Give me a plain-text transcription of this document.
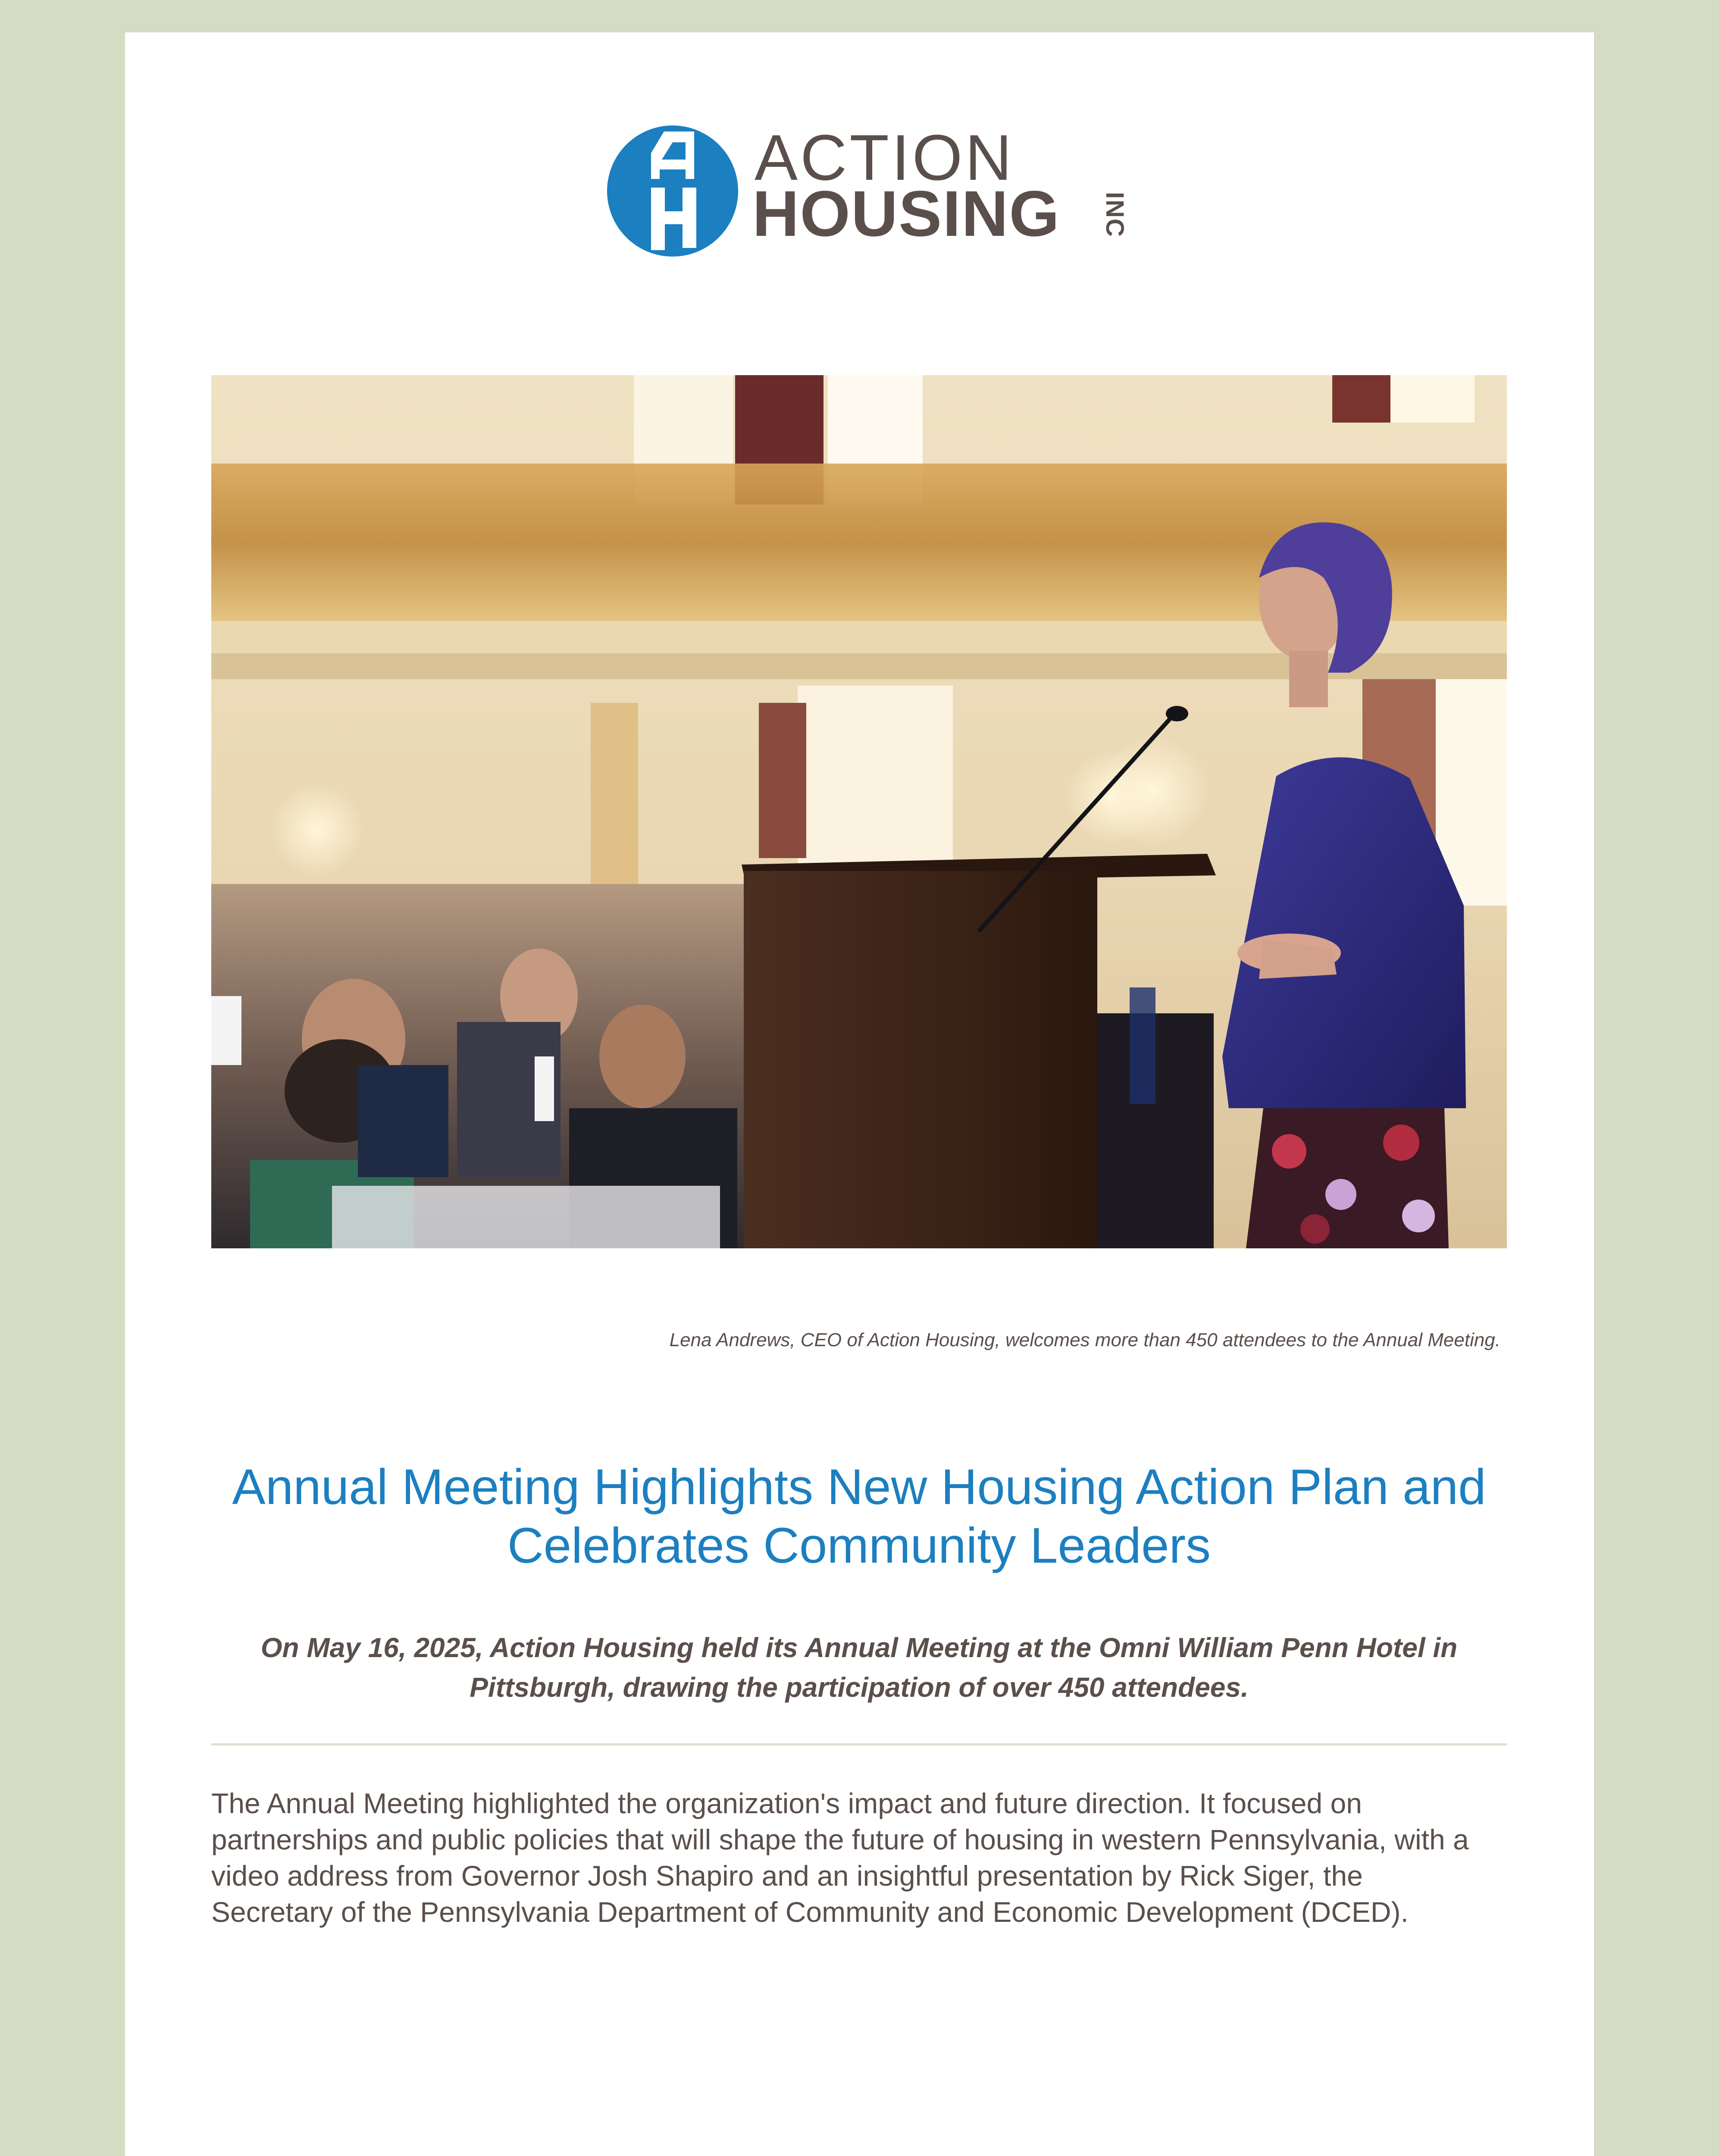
ACTION
HOUSING INC
Lena Andrews, CEO of Action Housing, welcomes more than 450 attendees to the Annual Meeting.
Annual Meeting Highlights New Housing Action Plan and Celebrates Community Leaders

On May 16, 2025, Action Housing held its Annual Meeting at the Omni William Penn Hotel in Pittsburgh, drawing the participation of over 450 attendees.

The Annual Meeting highlighted the organization's impact and future direction. It focused on partnerships and public policies that will shape the future of housing in western Pennsylvania, with a video address from Governor Josh Shapiro and an insightful presentation by Rick Siger, the Secretary of the Pennsylvania Department of Community and Economic Development (DCED).
